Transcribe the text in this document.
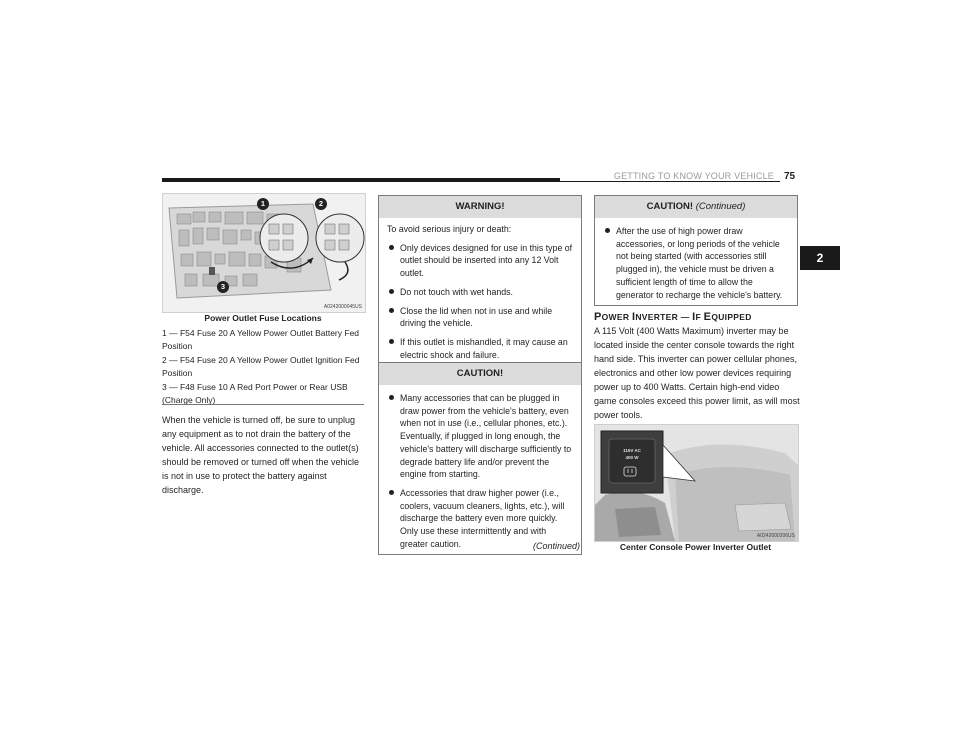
GETTING TO KNOW YOUR VEHICLE	75
2
1	2
3
A0242000045US
Power Outlet Fuse Locations
1 — F54 Fuse 20 A Yellow Power Outlet Battery Fed Position
2 — F54 Fuse 20 A Yellow Power Outlet Ignition Fed Position
3 — F48 Fuse 10 A Red Port Power or Rear USB (Charge Only)
When the vehicle is turned off, be sure to unplug any equipment as to not drain the battery of the vehicle. All accessories connected to the outlet(s) should be removed or turned off when the vehicle is not in use to protect the battery against discharge.
WARNING!
To avoid serious injury or death:
Only devices designed for use in this type of outlet should be inserted into any 12 Volt outlet.
Do not touch with wet hands.
Close the lid when not in use and while driving the vehicle.
If this outlet is mishandled, it may cause an electric shock and failure.
CAUTION!
Many accessories that can be plugged in draw power from the vehicle's battery, even when not in use (i.e., cellular phones, etc.). Eventually, if plugged in long enough, the vehicle's battery will discharge sufficiently to degrade battery life and/or prevent the engine from starting.
Accessories that draw higher power (i.e., coolers, vacuum cleaners, lights, etc.), will discharge the battery even more quickly. Only use these intermittently and with greater caution.	(Continued)
CAUTION! (Continued)
After the use of high power draw accessories, or long periods of the vehicle not being started (with accessories still plugged in), the vehicle must be driven a sufficient length of time to allow the generator to recharge the vehicle's battery.
POWER INVERTER — IF EQUIPPED
A 115 Volt (400 Watts Maximum) inverter may be located inside the center console towards the right hand side. This inverter can power cellular phones, electronics and other low power devices requiring power up to 400 Watts. Certain high-end video game consoles exceed this power limit, as will most power tools.
115V AC
400 W
A0242000206US
Center Console Power Inverter Outlet
